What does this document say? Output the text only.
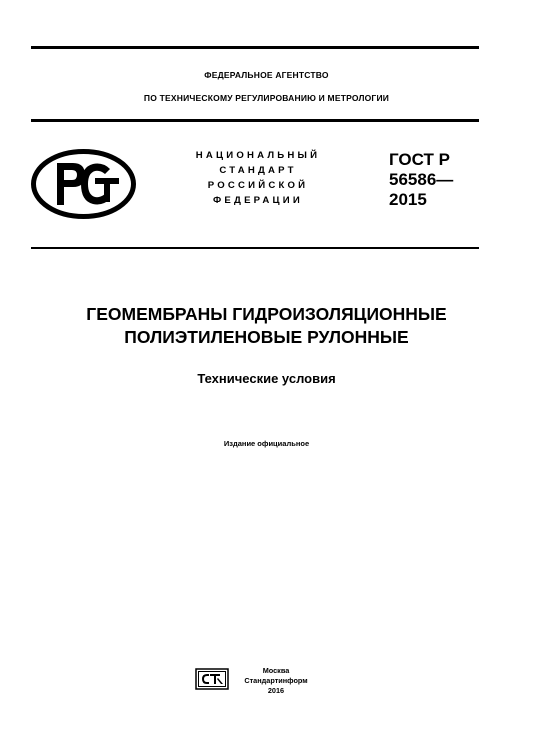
ФЕДЕРАЛЬНОЕ АГЕНТСТВО
ПО ТЕХНИЧЕСКОМУ РЕГУЛИРОВАНИЮ И МЕТРОЛОГИИ
НАЦИОНАЛЬНЫЙ
СТАНДАРТ
РОССИЙСКОЙ
ФЕДЕРАЦИИ
ГОСТ Р
56586—
2015
ГЕОМЕМБРАНЫ ГИДРОИЗОЛЯЦИОННЫЕ
ПОЛИЭТИЛЕНОВЫЕ РУЛОННЫЕ
Технические условия
Издание официальное
Москва
Стандартинформ
2016
